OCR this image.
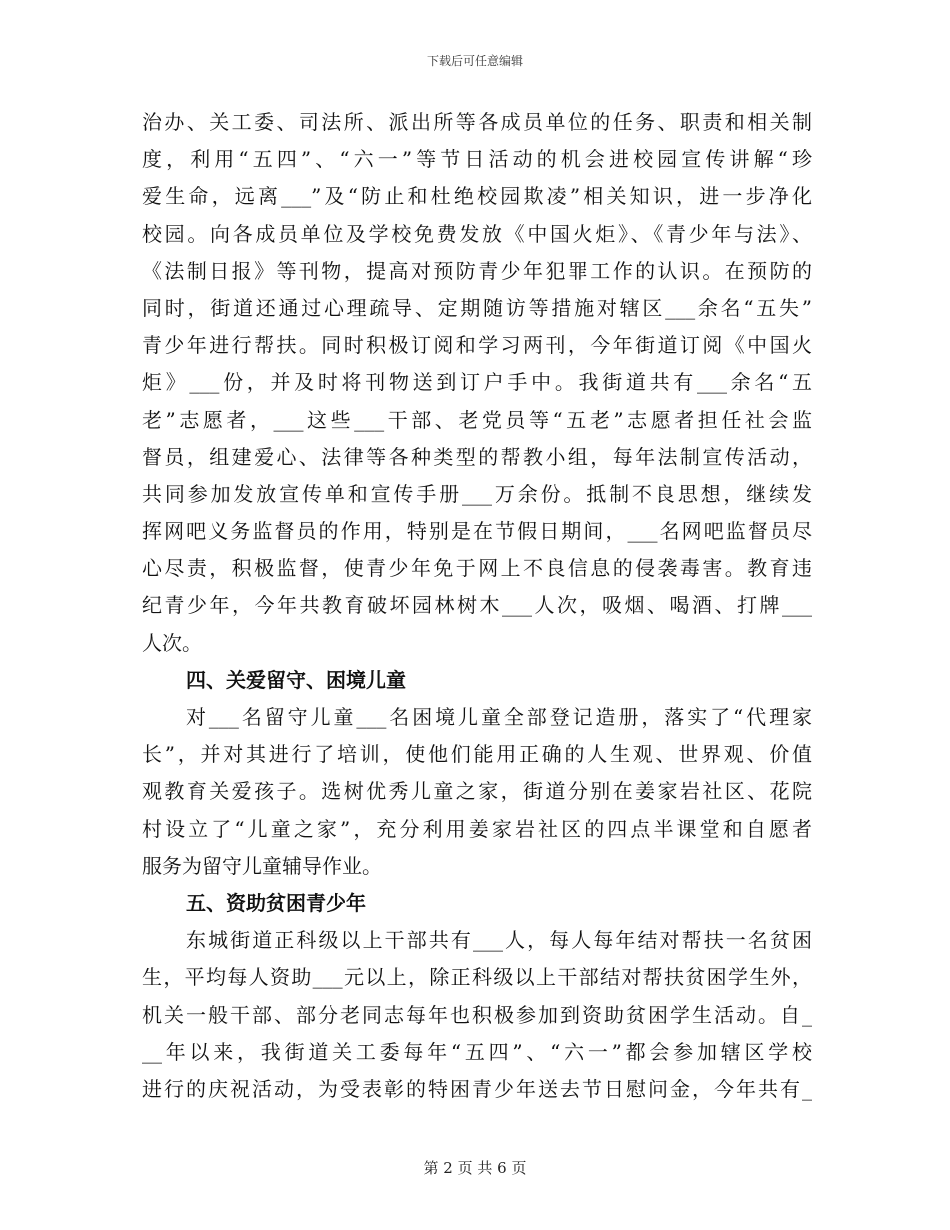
下载后可任意编辑
治办、关工委、司法所、派出所等各成员单位的任务、职责和相关制
度，利用“五四”、“六一”等节日活动的机会进校园宣传讲解“珍
爱生命，远离___”及“防止和杜绝校园欺凌”相关知识，进一步净化
校园。向各成员单位及学校免费发放《中国火炬》、《青少年与法》、
《法制日报》等刊物，提高对预防青少年犯罪工作的认识。在预防的
同时，街道还通过心理疏导、定期随访等措施对辖区___余名“五失”
青少年进行帮扶。同时积极订阅和学习两刊，今年街道订阅《中国火
炬》___份，并及时将刊物送到订户手中。我街道共有___余名“五
老”志愿者，___这些___干部、老党员等“五老”志愿者担任社会监
督员，组建爱心、法律等各种类型的帮教小组，每年法制宣传活动，
共同参加发放宣传单和宣传手册___万余份。抵制不良思想，继续发
挥网吧义务监督员的作用，特别是在节假日期间，___名网吧监督员尽
心尽责，积极监督，使青少年免于网上不良信息的侵袭毒害。教育违
纪青少年，今年共教育破坏园林树木___人次，吸烟、喝酒、打牌___
人次。
四、关爱留守、困境儿童
对___名留守儿童___名困境儿童全部登记造册，落实了“代理家
长”，并对其进行了培训，使他们能用正确的人生观、世界观、价值
观教育关爱孩子。选树优秀儿童之家，街道分别在姜家岩社区、花院
村设立了“儿童之家”，充分利用姜家岩社区的四点半课堂和自愿者
服务为留守儿童辅导作业。
五、资助贫困青少年
东城街道正科级以上干部共有___人，每人每年结对帮扶一名贫困
生，平均每人资助___元以上，除正科级以上干部结对帮扶贫困学生外，
机关一般干部、部分老同志每年也积极参加到资助贫困学生活动。自_
__年以来，我街道关工委每年“五四”、“六一”都会参加辖区学校
进行的庆祝活动，为受表彰的特困青少年送去节日慰问金，今年共有_
第 2 页 共 6 页
